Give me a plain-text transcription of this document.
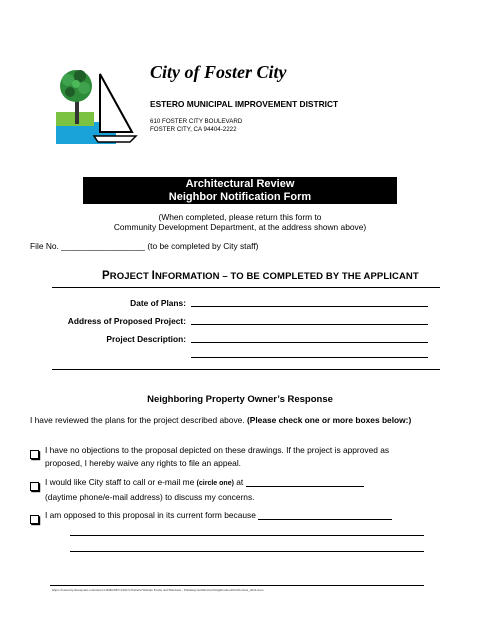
City of Foster City
ESTERO MUNICIPAL IMPROVEMENT DISTRICT
610 FOSTER CITY BOULEVARD
FOSTER CITY, CA 94404-2222
Architectural Review
Neighbor Notification Form
(When completed, please return this form to
Community Development Department, at the address shown above)
File No. __________________ (to be completed by City staff)
PROJECT INFORMATION – TO BE COMPLETED BY THE APPLICANT
Date of Plans:
Address of Proposed Project:
Project Description:
Neighboring Property Owner’s Response
I have reviewed the plans for the project described above. (Please check one or more boxes below:)
I have no objections to the proposal depicted on these drawings. If the project is approved as
proposed, I hereby waive any rights to file an appeal.
I would like City staff to call or e-mail me (circle one) at
(daytime phone/e-mail address) to discuss my concerns.
I am opposed to this proposal in its current form because
https://fostercity.sharepoint.com/sites/COMM/DEV/DOCS/Website/Website Forms and Handouts - Planning/ArchReviewNeighborhoodNotification_2024.docx
